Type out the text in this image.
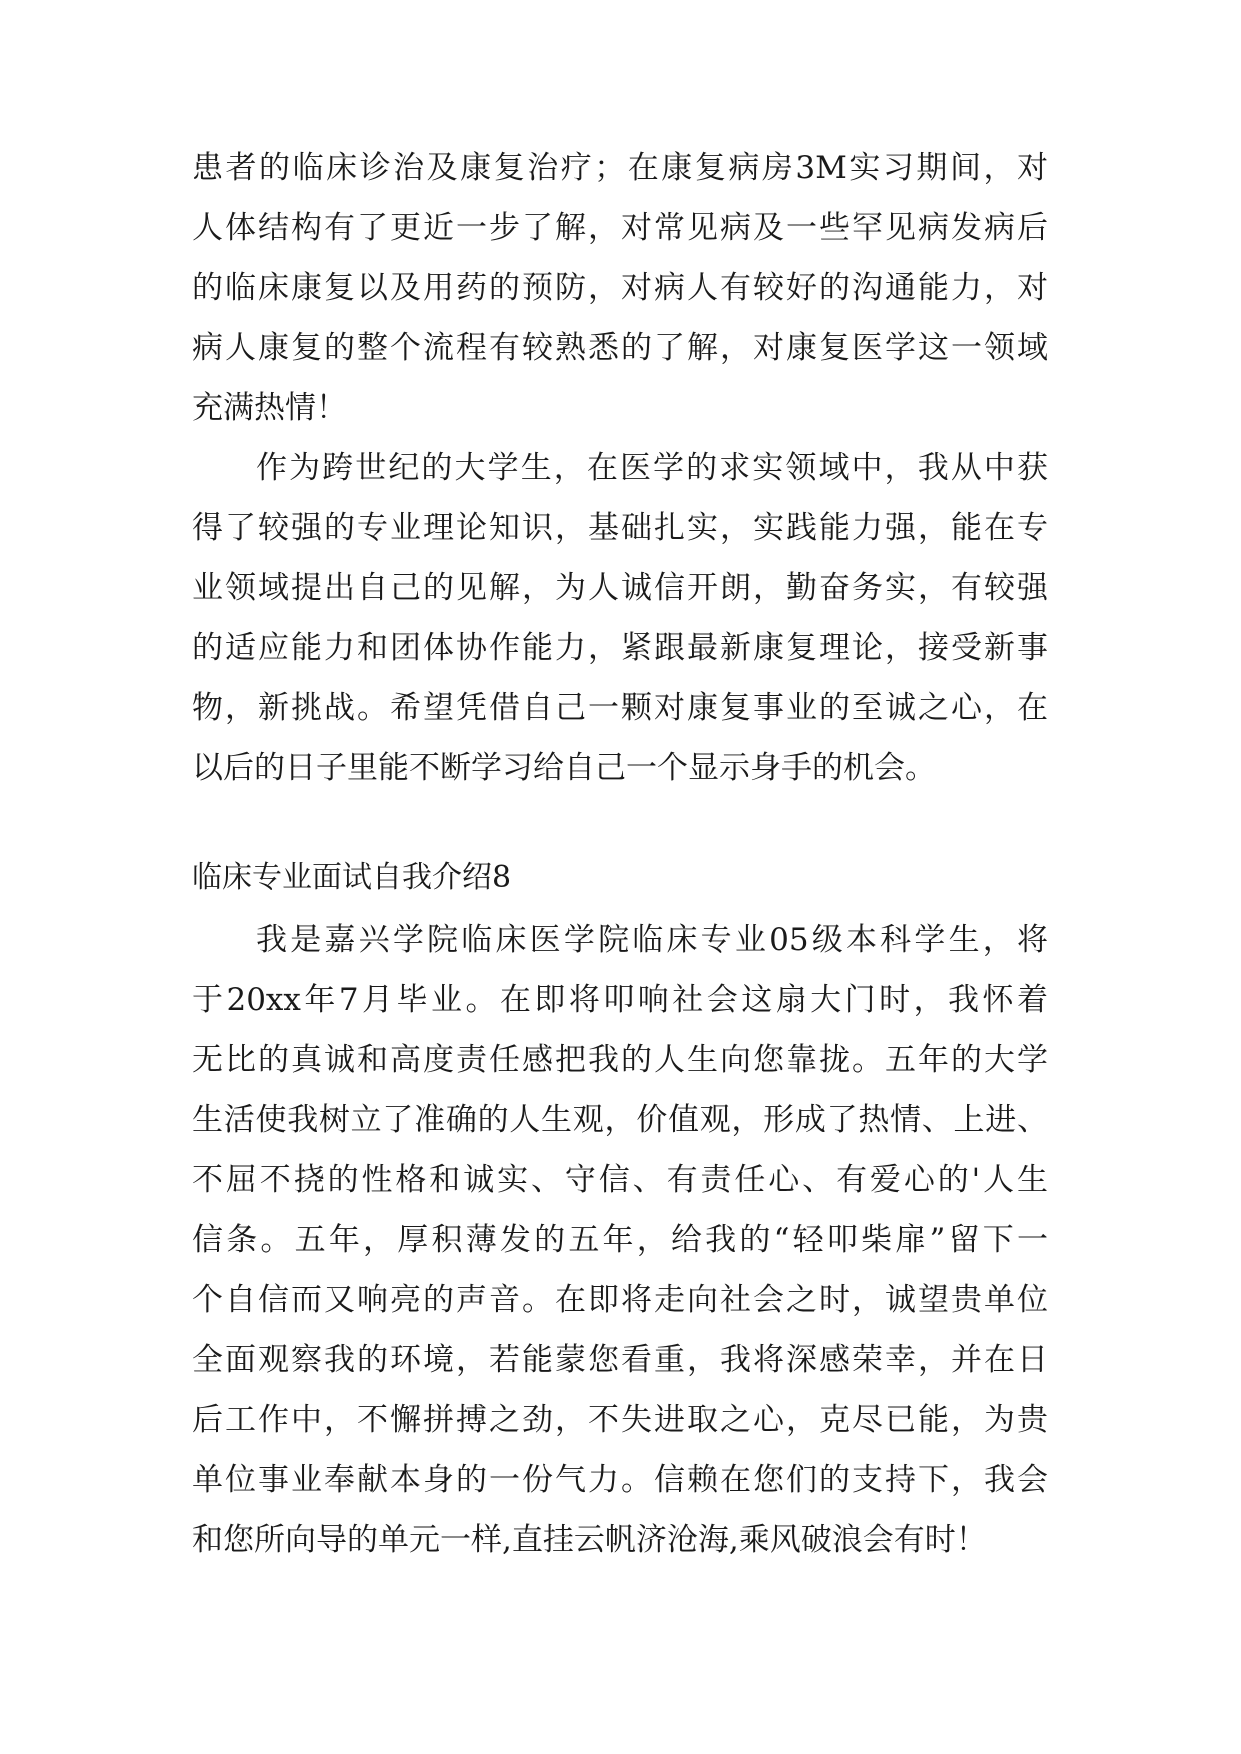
患者的临床诊治及康复治疗；在康复病房3M实习期间，对
人体结构有了更近一步了解，对常见病及一些罕见病发病后
的临床康复以及用药的预防，对病人有较好的沟通能力，对
病人康复的整个流程有较熟悉的了解，对康复医学这一领域
充满热情！
作为跨世纪的大学生，在医学的求实领域中，我从中获
得了较强的专业理论知识，基础扎实，实践能力强，能在专
业领域提出自己的见解，为人诚信开朗，勤奋务实，有较强
的适应能力和团体协作能力，紧跟最新康复理论，接受新事
物，新挑战。希望凭借自己一颗对康复事业的至诚之心，在
以后的日子里能不断学习给自己一个显示身手的机会。
临床专业面试自我介绍8
我是嘉兴学院临床医学院临床专业05级本科学生，将
于20xx年7月毕业。在即将叩响社会这扇大门时，我怀着
无比的真诚和高度责任感把我的人生向您靠拢。五年的大学
生活使我树立了准确的人生观，价值观，形成了热情、上进、
不屈不挠的性格和诚实、守信、有责任心、有爱心的'人生
信条。五年，厚积薄发的五年，给我的“轻叩柴扉”留下一
个自信而又响亮的声音。在即将走向社会之时，诚望贵单位
全面观察我的环境，若能蒙您看重，我将深感荣幸，并在日
后工作中，不懈拼搏之劲，不失进取之心，克尽已能，为贵
单位事业奉献本身的一份气力。信赖在您们的支持下，我会
和您所向导的单元一样,直挂云帆济沧海,乘风破浪会有时！
